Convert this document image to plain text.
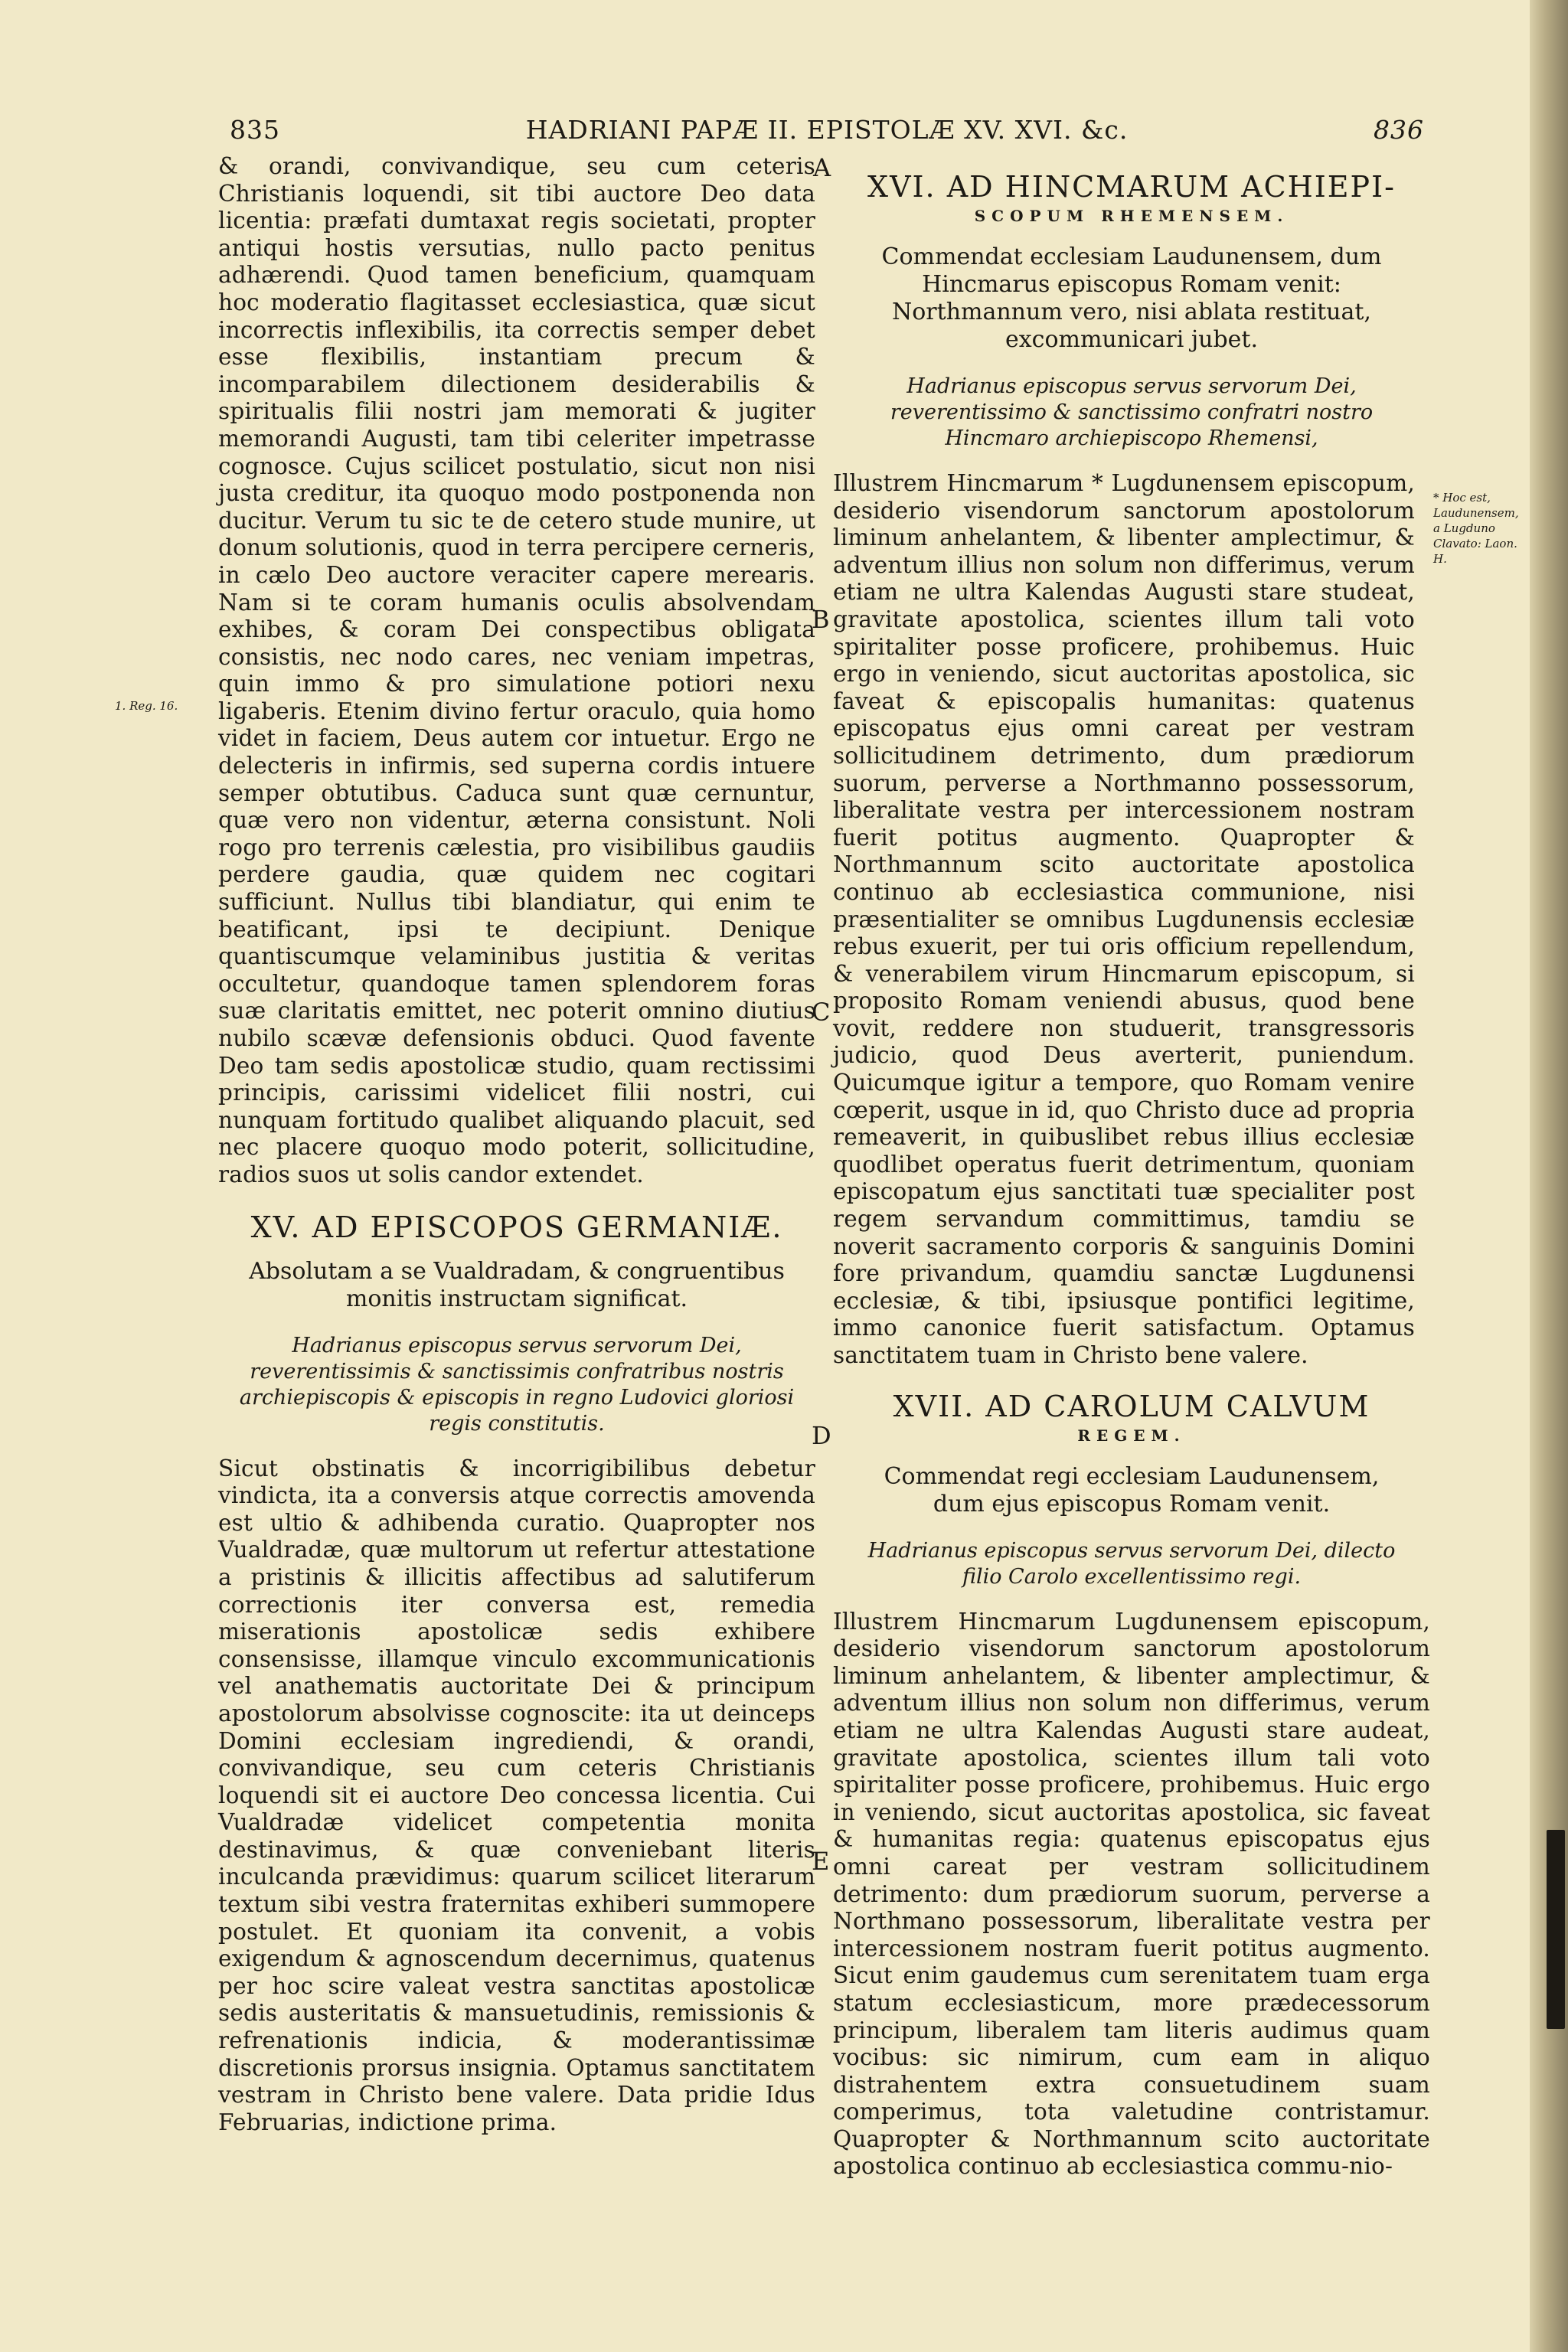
835	HADRIANI PAPÆ II. EPISTOLÆ XV. XVI. &c.	836
A
B
C
D
E
1. Reg. 16.
* Hoc est, Laudunensem, a Lugduno Clavato: Laon. H.

& orandi, convivandique, seu cum ceteris Christianis loquendi, sit tibi auctore Deo data licentia: præfati dumtaxat regis societati, propter antiqui hostis versutias, nullo pacto penitus adhærendi. Quod tamen beneficium, quamquam hoc moderatio flagitasset ecclesiastica, quæ sicut incorrectis inflexibilis, ita correctis semper debet esse flexibilis, instantiam precum & incomparabilem dilectionem desiderabilis & spiritualis filii nostri jam memorati & jugiter memorandi Augusti, tam tibi celeriter impetrasse cognosce. Cujus scilicet postulatio, sicut non nisi justa creditur, ita quoquo modo postponenda non ducitur. Verum tu sic te de cetero stude munire, ut donum solutionis, quod in terra percipere cerneris, in cælo Deo auctore veraciter capere merearis. Nam si te coram humanis oculis absolvendam exhibes, & coram Dei conspectibus obligata consistis, nec nodo cares, nec veniam impetras, quin immo & pro simulatione potiori nexu ligaberis. Etenim divino fertur oraculo, quia homo videt in faciem, Deus autem cor intuetur. Ergo ne delecteris in infirmis, sed superna cordis intuere semper obtutibus. Caduca sunt quæ cernuntur, quæ vero non videntur, æterna consistunt. Noli rogo pro terrenis cælestia, pro visibilibus gaudiis perdere gaudia, quæ quidem nec cogitari sufficiunt. Nullus tibi blandiatur, qui enim te beatificant, ipsi te decipiunt. Denique quantiscumque velaminibus justitia & veritas occultetur, quandoque tamen splendorem foras suæ claritatis emittet, nec poterit omnino diutius nubilo scævæ defensionis obduci. Quod favente Deo tam sedis apostolicæ studio, quam rectissimi principis, carissimi videlicet filii nostri, cui nunquam fortitudo qualibet aliquando placuit, sed nec placere quoquo modo poterit, sollicitudine, radios suos ut solis candor extendet.

XV. AD EPISCOPOS GERMANIÆ.
Absolutam a se Vualdradam, & congruentibus monitis instructam significat.
Hadrianus episcopus servus servorum Dei, reverentissimis & sanctissimis confratribus nostris archiepiscopis & episcopis in regno Ludovici gloriosi regis constitutis.

Sicut obstinatis & incorrigibilibus debetur vindicta, ita a conversis atque correctis amovenda est ultio & adhibenda curatio. Quapropter nos Vualdradæ, quæ multorum ut refertur attestatione a pristinis & illicitis affectibus ad salutiferum correctionis iter conversa est, remedia miserationis apostolicæ sedis exhibere consensisse, illamque vinculo excommunicationis vel anathematis auctoritate Dei & principum apostolorum absolvisse cognoscite: ita ut deinceps Domini ecclesiam ingrediendi, & orandi, convivandique, seu cum ceteris Christianis loquendi sit ei auctore Deo concessa licentia. Cui Vualdradæ videlicet competentia monita destinavimus, & quæ conveniebant literis inculcanda prævidimus: quarum scilicet literarum textum sibi vestra fraternitas exhiberi summopere postulet. Et quoniam ita convenit, a vobis exigendum & agnoscendum decernimus, quatenus per hoc scire valeat vestra sanctitas apostolicæ sedis austeritatis & mansuetudinis, remissionis & refrenationis indicia, & moderantissimæ discretionis prorsus insignia. Optamus sanctitatem vestram in Christo bene valere. Data pridie Idus Februarias, indictione prima.

XVI. AD HINCMARUM ACHIEPI-
SCOPUM RHEMENSEM.
Commendat ecclesiam Laudunensem, dum Hincmarus episcopus Romam venit: Northmannum vero, nisi ablata restituat, excommunicari jubet.
Hadrianus episcopus servus servorum Dei, reverentissimo & sanctissimo confratri nostro Hincmaro archiepiscopo Rhemensi,

Illustrem Hincmarum * Lugdunensem episcopum, desiderio visendorum sanctorum apostolorum liminum anhelantem, & libenter amplectimur, & adventum illius non solum non differimus, verum etiam ne ultra Kalendas Augusti stare studeat, gravitate apostolica, scientes illum tali voto spiritaliter posse proficere, prohibemus. Huic ergo in veniendo, sicut auctoritas apostolica, sic faveat & episcopalis humanitas: quatenus episcopatus ejus omni careat per vestram sollicitudinem detrimento, dum prædiorum suorum, perverse a Northmanno possessorum, liberalitate vestra per intercessionem nostram fuerit potitus augmento. Quapropter & Northmannum scito auctoritate apostolica continuo ab ecclesiastica communione, nisi præsentialiter se omnibus Lugdunensis ecclesiæ rebus exuerit, per tui oris officium repellendum, & venerabilem virum Hincmarum episcopum, si proposito Romam veniendi abusus, quod bene vovit, reddere non studuerit, transgressoris judicio, quod Deus averterit, puniendum. Quicumque igitur a tempore, quo Romam venire cœperit, usque in id, quo Christo duce ad propria remeaverit, in quibuslibet rebus illius ecclesiæ quodlibet operatus fuerit detrimentum, quoniam episcopatum ejus sanctitati tuæ specialiter post regem servandum committimus, tamdiu se noverit sacramento corporis & sanguinis Domini fore privandum, quamdiu sanctæ Lugdunensi ecclesiæ, & tibi, ipsiusque pontifici legitime, immo canonice fuerit satisfactum. Optamus sanctitatem tuam in Christo bene valere.

XVII. AD CAROLUM CALVUM
REGEM.
Commendat regi ecclesiam Laudunensem, dum ejus episcopus Romam venit.
Hadrianus episcopus servus servorum Dei, dilecto filio Carolo excellentissimo regi.

Illustrem Hincmarum Lugdunensem episcopum, desiderio visendorum sanctorum apostolorum liminum anhelantem, & libenter amplectimur, & adventum illius non solum non differimus, verum etiam ne ultra Kalendas Augusti stare audeat, gravitate apostolica, scientes illum tali voto spiritaliter posse proficere, prohibemus. Huic ergo in veniendo, sicut auctoritas apostolica, sic faveat & humanitas regia: quatenus episcopatus ejus omni careat per vestram sollicitudinem detrimento: dum prædiorum suorum, perverse a Northmano possessorum, liberalitate vestra per intercessionem nostram fuerit potitus augmento. Sicut enim gaudemus cum serenitatem tuam erga statum ecclesiasticum, more prædecessorum principum, liberalem tam literis audimus quam vocibus: sic nimirum, cum eam in aliquo distrahentem extra consuetudinem suam comperimus, tota valetudine contristamur. Quapropter & Northmannum scito auctoritate apostolica continuo ab ecclesiastica commu-nio-
